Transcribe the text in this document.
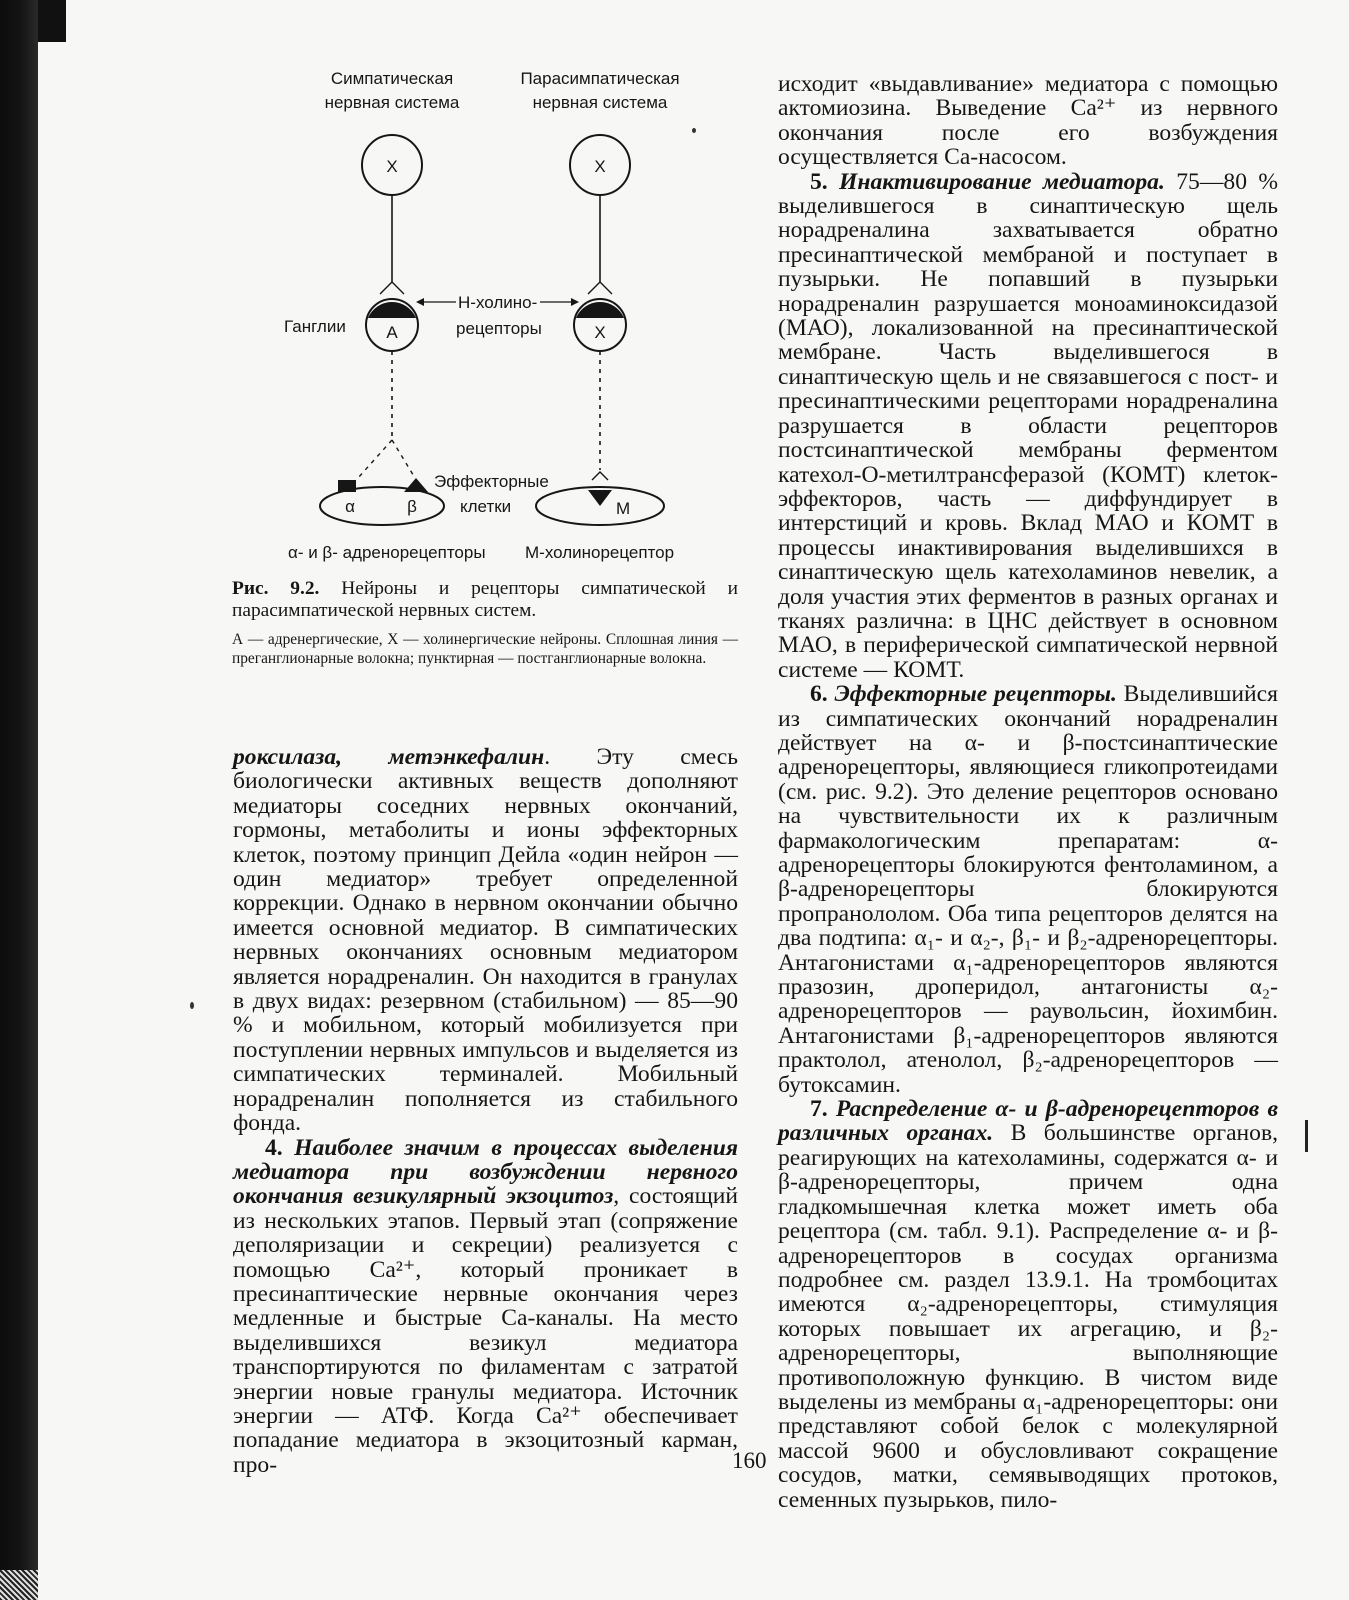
Симпатическая
нервная система
Парасимпатическая
нервная система
X	X
A	X
Ганглии
Н-холино-
рецепторы
α	β
Эффекторные
клетки	M
α- и β- адренорецепторы М-холинорецептор

Рис. 9.2. Нейроны и рецепторы симпатической и парасимпатической нервных систем.

А — адренергические, Х — холинергические нейроны. Сплошная линия — преганглионарные волокна; пунктирная — постганглионарные волокна.

роксилаза, метэнкефалин. Эту смесь биологически активных веществ дополняют медиаторы соседних нервных окончаний, гормоны, метаболиты и ионы эффекторных клеток, поэтому принцип Дейла «один нейрон — один медиатор» требует определенной коррекции. Однако в нервном окончании обычно имеется основной медиатор. В симпатических нервных окончаниях основным медиатором является норадреналин. Он находится в гранулах в двух видах: резервном (стабильном) — 85—90 % и мобильном, который мобилизуется при поступлении нервных импульсов и выделяется из симпатических терминалей. Мобильный норадреналин пополняется из стабильного фонда.

4. Наиболее значим в процессах выделения медиатора при возбуждении нервного окончания везикулярный экзоцитоз, состоящий из нескольких этапов. Первый этап (сопряжение деполяризации и секреции) реализуется с помощью Ca²⁺, который проникает в пресинаптические нервные окончания через медленные и быстрые Са-каналы. На место выделившихся везикул медиатора транспортируются по филаментам с затратой энергии новые гранулы медиатора. Источник энергии — АТФ. Когда Ca²⁺ обеспечивает попадание медиатора в экзоцитозный карман, про-

исходит «выдавливание» медиатора с помощью актомиозина. Выведение Ca²⁺ из нервного окончания после его возбуждения осуществляется Са-насосом.

5. Инактивирование медиатора. 75—80 % выделившегося в синаптическую щель норадреналина захватывается обратно пресинаптической мембраной и поступает в пузырьки. Не попавший в пузырьки норадреналин разрушается моноаминоксидазой (МАО), локализованной на пресинаптической мембране. Часть выделившегося в синаптическую щель и не связавшегося с пост- и пресинаптическими рецепторами норадреналина разрушается в области рецепторов постсинаптической мембраны ферментом катехол-О-метилтрансферазой (КОМТ) клеток-эффекторов, часть — диффундирует в интерстиций и кровь. Вклад МАО и КОМТ в процессы инактивирования выделившихся в синаптическую щель катехоламинов невелик, а доля участия этих ферментов в разных органах и тканях различна: в ЦНС действует в основном МАО, в периферической симпатической нервной системе — КОМТ.

6. Эффекторные рецепторы. Выделившийся из симпатических окончаний норадреналин действует на α- и β-постсинаптические адренорецепторы, являющиеся гликопротеидами (см. рис. 9.2). Это деление рецепторов основано на чувствительности их к различным фармакологическим препаратам: α-адренорецепторы блокируются фентоламином, а β-адренорецепторы блокируются пропранололом. Оба типа рецепторов делятся на два подтипа: α₁- и α₂-, β₁- и β₂-адренорецепторы. Антагонистами α₁-адренорецепторов являются празозин, дроперидол, антагонисты α₂-адренорецепторов — раувольсин, йохимбин. Антагонистами β₁-адренорецепторов являются практолол, атенолол, β₂-адренорецепторов — бутоксамин.

7. Распределение α- и β-адренорецепторов в различных органах. В большинстве органов, реагирующих на катехоламины, содержатся α- и β-адренорецепторы, причем одна гладкомышечная клетка может иметь оба рецептора (см. табл. 9.1). Распределение α- и β-адренорецепторов в сосудах организма подробнее см. раздел 13.9.1. На тромбоцитах имеются α₂-адренорецепторы, стимуляция которых повышает их агрегацию, и β₂-адренорецепторы, выполняющие противоположную функцию. В чистом виде выделены из мембраны α₁-адренорецепторы: они представляют собой белок с молекулярной массой 9600 и обусловливают сокращение сосудов, матки, семявыводящих протоков, семенных пузырьков, пило-

160
